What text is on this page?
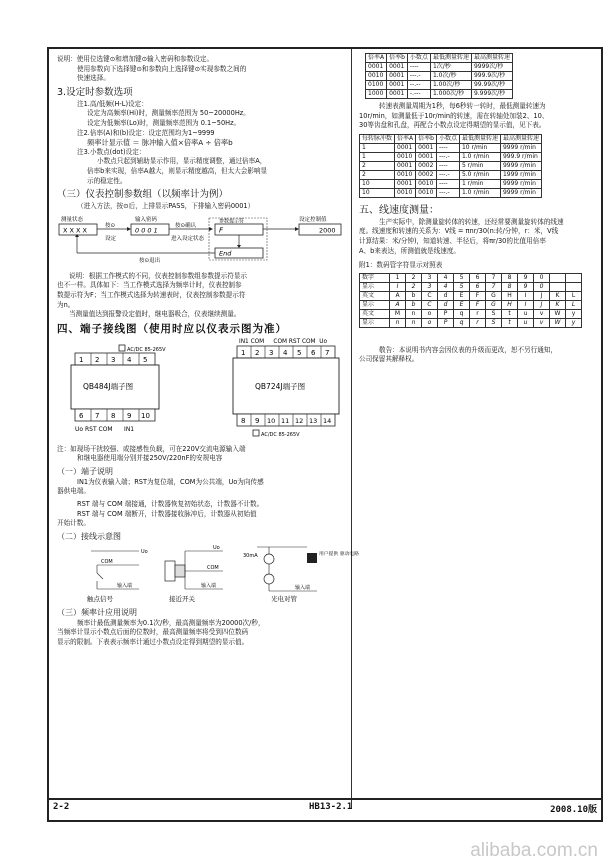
说明：使用位选键⊙和增加键⊙输入密码和参数设定。
使用参数向下选择键⊙和参数向上选择键⊙实现参数之间的
快速选择。
3.设定时参数选项
注1.高/低频(H-L)设定：
设定为高频率(Hi)时，测量频率范围为 50~20000Hz。
设定为低频率(Lo)时，测量频率范围为 0.1~50Hz。
注2.倍率(A)和(b)设定：设定范围均为1~9999
频率计显示值 ＝ 脉冲输入值×倍率A ÷ 倍率b
注3.小数点(dot)设定：
小数点只起到辅助显示作用，显示精度调整，通过倍率A，
倍率b来实现，倍率A越大，则显示精度越高，但太大会影响显
示的稳定性。
（三）仪表控制参数组（以频率计为例）
（进入方法，按⊙后，上排显示PASS，下排输入密码0001）
测量状态
X X X X
按⊙
设定
输入密码
0 0 0 1
按⊙确认
进入设定状态
参数提示符
F
End
设定控制值
2000
按⊙退出
说明：根据工作模式的不同，仪表控制参数组参数提示符显示
也不一样。具体如下：当工作模式选择为频率计时，仪表控制参
数提示符为F；当工作模式选择为转速表时，仪表控制参数提示符
为n。
当测量值达到报警设定值时，继电器吸合，仪表继续测量。
四、端子接线图（使用时应以仪表示图为准）
AC/DC 85-265V
1 2 3 4 5
QB484J端子图
6 7 8 9 10
Uo RST COM      IN1
IN1 COM     COM RST COM  Uo
1 2 3 4 5 6 7
QB724J端子图
8 9 10 11 12 13 14
AC/DC 85-265V
注：如现场干扰较强、或接感性负载，可在220V交流电源输入端
和继电器使用端分别并接250V/220nF的安规电容
（一）端子说明
IN1为仪表输入端；RST为复位端，COM为公共端，Uo为向传感
器供电端。
RST 端与 COM 端接通，计数器恢复初始状态，计数器不计数。
RST 端与 COM 端断开，计数器接收脉冲后，计数器从初始值
开始计数。
（二）接线示意图
Uo
COM
输入端
触点信号
Uo
COM
输入端
接近开关
30mA
输入端
用户提供 驱动电路
光电对管
（三）频率计应用说明
频率计最低测量频率为0.1次/秒，最高测量频率为20000次/秒，
当频率计显示小数点后面的位数时，最高测量频率将受到四位数码
显示的限制。下表表示频率计通过小数点设定得到期望的显示值。
倍率A	倍率b	小数点	最低测量转速	最高测量转速
0001	0001	----	1次/秒	9999次/秒
0010	0001	---.-	1.0次/秒	999.9次/秒
0100	0001	--.--	1.00次/秒	99.99次/秒
1000	0001	-.---	1.000次/秒	9.999次/秒
转速表测量周期为1秒，每6秒转一转时，最低测量转速为
10r/min，如测量低于10r/min的转速，需在转轴处加装2、10、
30等齿盘和孔盘，再配合小数点设定得期望的显示值，见下表。
每转脉冲数	倍率A	倍率b	小数点	最低测量转速	最高测量转速
1	0001	0001	----	10 r/min	9999 r/min
1	0010	0001	---.-	1.0 r/min	999.9 r/min
2	0001	0002	----	5 r/min	9999 r/min
2	0010	0002	---.-	5.0 r/min	1999 r/min
10	0001	0010	----	1 r/min	9999 r/min
10	0010	0010	---.-	1.0 r/min	9999 r/min
五、线速度测量：
生产实际中，除测量旋转体的转速，还经常要测量旋转体的线速
度。线速度和转速的关系为：V线 = πnr/30(n:转/分钟，r：米，V线
计算结果：米/分钟)，知道转速、半径后，将πr/30的比值用倍率
A、b来表达，所测值就是线速度。
附1：数码管字符显示对照表
数字	1	2	3	4	5	6	7	8	9	0		
显示	I	2	3	4	5	6	7	8	9	0		
英文	A	b	C	d	E	F	G	H	I	J	K	L
显示	A	b	C	d	E	F	G	H	I	J	K	L
英文	M	n	o	P	q	r	S	t	u	v	W	y
显示	n	n	o	P	q	r	S	t	u	v	W	y
敬告：本说明书内容会因仪表的升级而更改，恕不另行通知，
公司保留其解释权。
2-2	HB13-2.1	2008.10版
alibaba.com.cn
